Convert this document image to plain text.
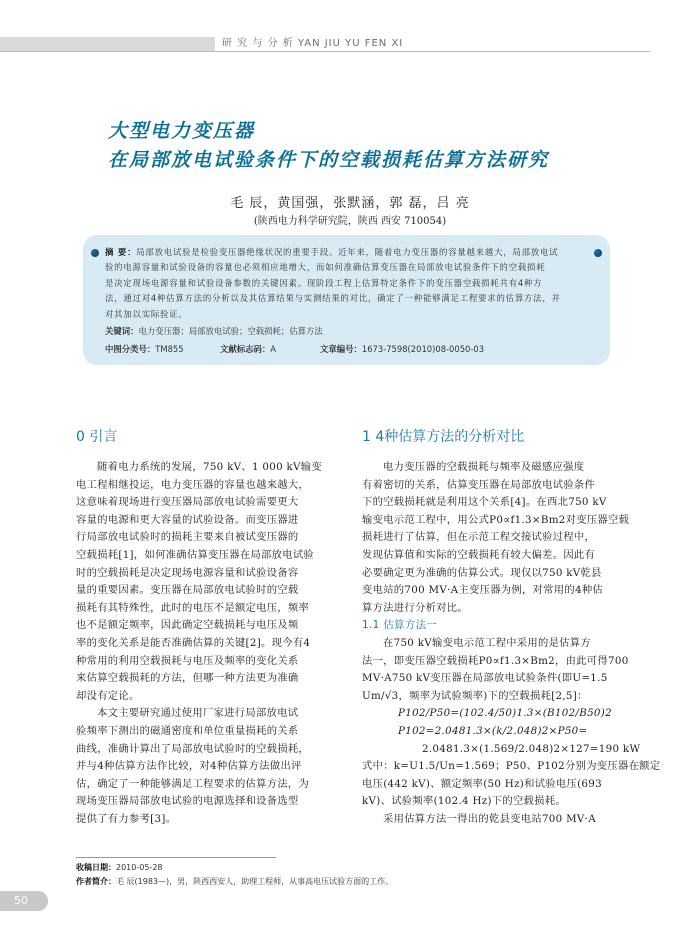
研 究 与 分 析 YAN JIU YU FEN XI
大型电力变压器
在局部放电试验条件下的空载损耗估算方法研究
毛 辰，黄国强，张默涵，郭 磊，吕 亮
(陕西电力科学研究院，陕西 西安 710054)
摘 要：局部放电试验是检验变压器绝缘状况的重要手段。近年来，随着电力变压器的容量越来越大，局部放电试
验的电源容量和试验设备的容量也必须相应地增大，而如何准确估算变压器在局部放电试验条件下的空载损耗
是决定现场电源容量和试验设备参数的关键因素。现阶段工程上估算特定条件下的变压器空载损耗共有4种方
法，通过对4种估算方法的分析以及其估算结果与实测结果的对比，确定了一种能够满足工程要求的估算方法，并
对其加以实际验证。
关键词：电力变压器；局部放电试验；空载损耗；估算方法
中图分类号：TM855	文献标志码：A	文章编号：1673-7598(2010)08-0050-03
0 引言
随着电力系统的发展，750 kV、1 000 kV输变
电工程相继投运，电力变压器的容量也越来越大，
这意味着现场进行变压器局部放电试验需要更大
容量的电源和更大容量的试验设备。而变压器进
行局部放电试验时的损耗主要来自被试变压器的
空载损耗[1]，如何准确估算变压器在局部放电试验
时的空载损耗是决定现场电源容量和试验设备容
量的重要因素。变压器在局部放电试验时的空载
损耗有其特殊性，此时的电压不是额定电压，频率
也不是额定频率，因此确定空载损耗与电压及频
率的变化关系是能否准确估算的关键[2]。现今有4
种常用的利用空载损耗与电压及频率的变化关系
来估算空载损耗的方法，但哪一种方法更为准确
却没有定论。
本文主要研究通过使用厂家进行局部放电试
验频率下测出的磁通密度和单位重量损耗的关系
曲线，准确计算出了局部放电试验时的空载损耗，
并与4种估算方法作比较，对4种估算方法做出评
估，确定了一种能够满足工程要求的估算方法，为
现场变压器局部放电试验的电源选择和设备选型
提供了有力参考[3]。
1 4种估算方法的分析对比
电力变压器的空载损耗与频率及磁感应强度
有着密切的关系，估算变压器在局部放电试验条件
下的空载损耗就是利用这个关系[4]。在西北750 kV
输变电示范工程中，用公式P0∝f1.3×Bm2对变压器空载
损耗进行了估算，但在示范工程交接试验过程中，
发现估算值和实际的空载损耗有较大偏差。因此有
必要确定更为准确的估算公式。现仅以750 kV乾县
变电站的700 MV·A主变压器为例，对常用的4种估
算方法进行分析对比。
1.1 估算方法一
在750 kV输变电示范工程中采用的是估算方
法一，即变压器空载损耗P0∝f1.3×Bm2，由此可得700
MV·A750 kV变压器在局部放电试验条件(即U=1.5
Um/√3，频率为试验频率)下的空载损耗[2,5]：
P102/P50=(102.4/50)1.3×(B102/B50)2
P102=2.0481.3×(k/2.048)2×P50=
2.0481.3×(1.569/2.048)2×127=190 kW
式中：k=U1.5/Un=1.569；P50、P102分别为变压器在额定
电压(442 kV)、额定频率(50 Hz)和试验电压(693
kV)、试验频率(102.4 Hz)下的空载损耗。
采用估算方法一得出的乾县变电站700 MV·A
收稿日期：2010-05-28
作者简介：毛 辰(1983—)，男，陕西西安人，助理工程师，从事高电压试验方面的工作。
50
